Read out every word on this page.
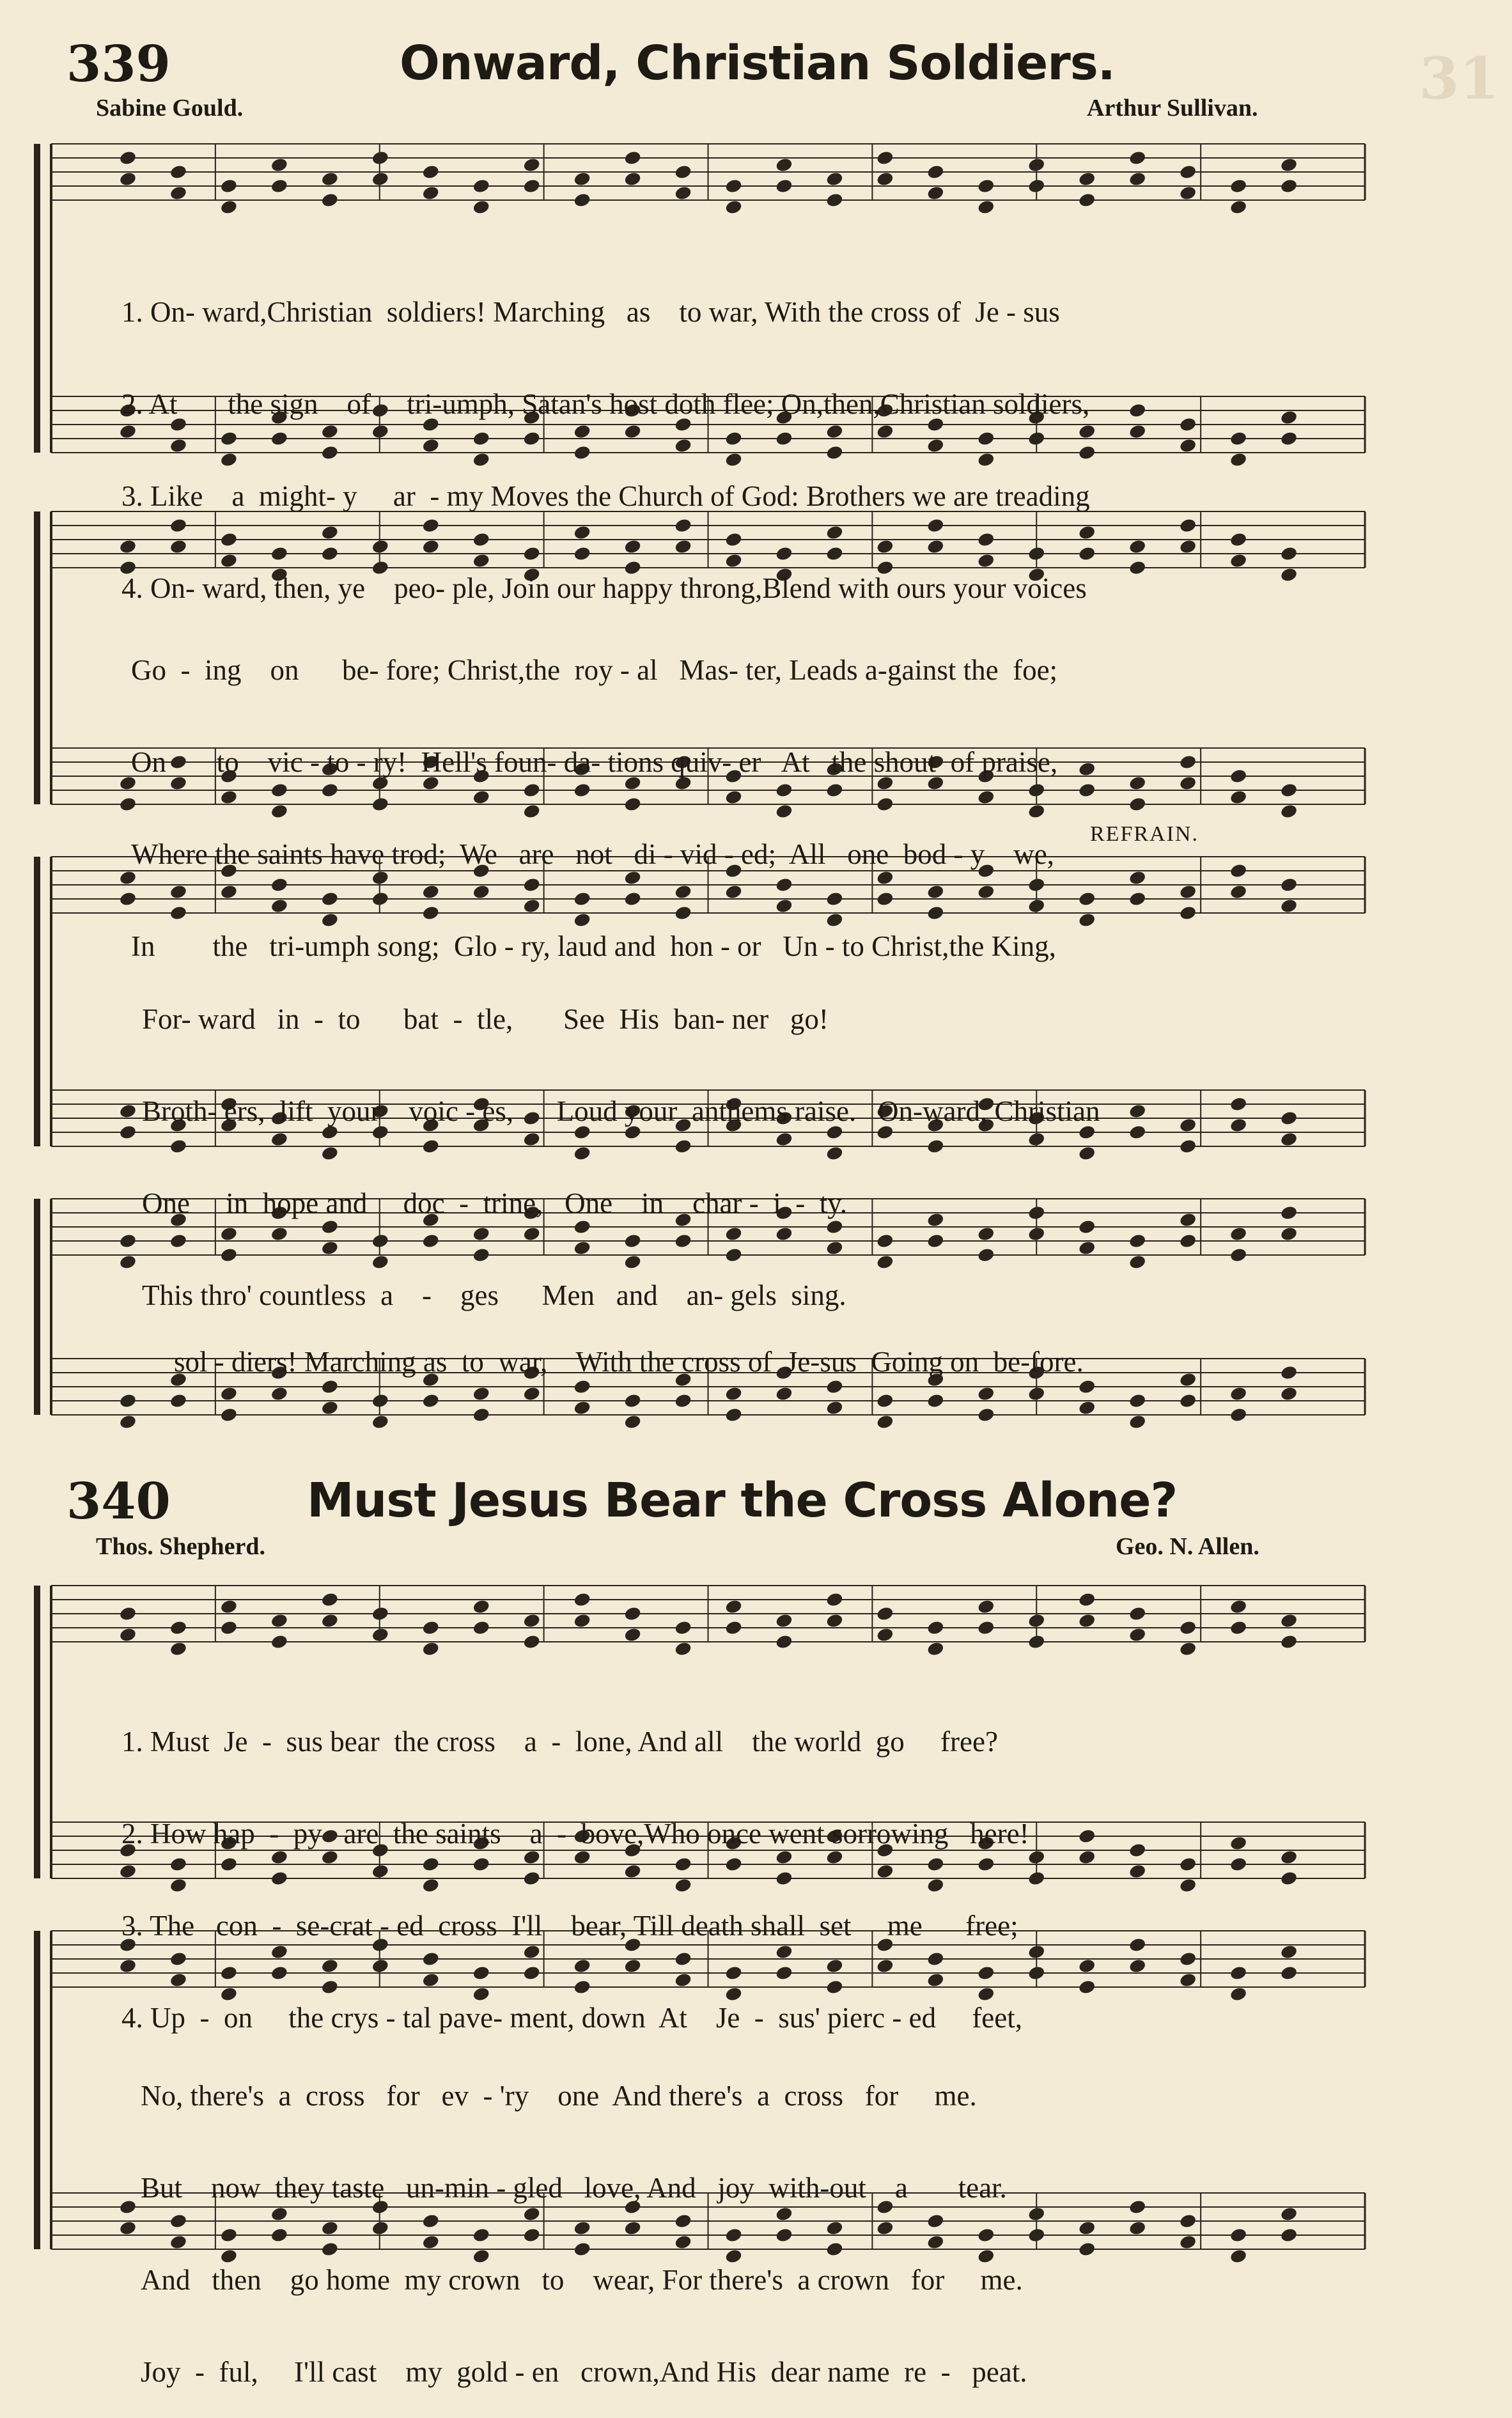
339	Onward, Christian Soldiers.
Sabine Gould.	Arthur Sullivan.	31

1. On- ward,Christian  soldiers! Marching   as    to war, With the cross of  Je - sus

2. At       the sign    of     tri-umph, Satan's host doth flee; On,then,Christian soldiers,

3. Like    a  might- y     ar  - my Moves the Church of God: Brothers we are treading

4. On- ward, then, ye    peo- ple, Join our happy throng,Blend with ours your voices

Go  -  ing    on      be- fore; Christ,the  roy - al   Mas- ter, Leads a-gainst the  foe;

On       to    vic - to - ry!  Hell's foun- da- tions quiv- er   At   the shout  of praise,

Where the saints have trod;  We   are   not   di - vid - ed;  All   one  bod - y    we,

In        the   tri-umph song;  Glo - ry, laud and  hon - or   Un - to Christ,the King,

REFRAIN.

For- ward   in  -  to      bat  -  tle,       See  His  ban- ner   go!

Broth- ers,  lift  your    voic - es,      Loud your  anthems raise.   On-ward, Christian

One     in  hope and     doc  -  trine,   One    in    char -  i  -  ty.

This thro' countless  a    -    ges      Men   and    an- gels  sing.

sol - diers! Marching as  to  war,    With the cross of  Je-sus  Going on  be-fore.

340	Must Jesus Bear the Cross Alone?
Thos. Shepherd.	Geo. N. Allen.

1. Must  Je  -  sus bear  the cross    a  -  lone, And all    the world  go     free?

2. How hap  -  py   are  the saints    a  -  bove,Who once went sorrowing   here!

3. The   con  -  se-crat - ed  cross  I'll    bear, Till death shall  set     me      free;

4. Up  -  on     the crys - tal pave- ment, down  At    Je  -  sus' pierc - ed     feet,

No, there's  a  cross   for   ev  - 'ry    one  And there's  a  cross   for     me.

But    now  they taste   un-min - gled   love, And   joy  with-out    a       tear.

And   then    go home  my crown   to    wear, For there's  a crown   for     me.

Joy  -  ful,     I'll cast    my  gold - en   crown,And His  dear name  re  -   peat.
